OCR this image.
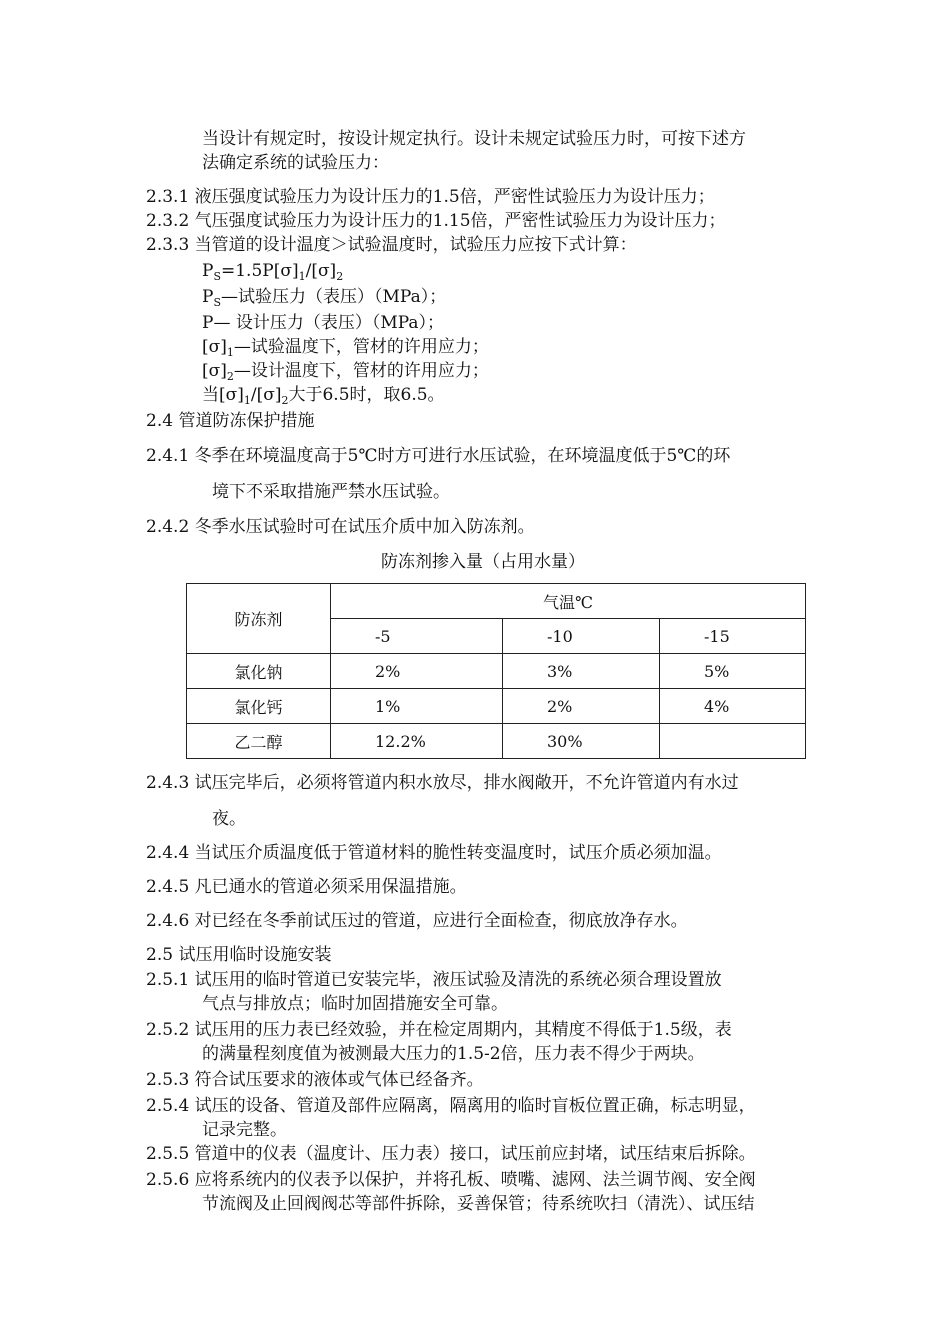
当设计有规定时，按设计规定执行。设计未规定试验压力时，可按下述方
法确定系统的试验压力：
2.3.1 液压强度试验压力为设计压力的1.5倍，严密性试验压力为设计压力；
2.3.2 气压强度试验压力为设计压力的1.15倍，严密性试验压力为设计压力；
2.3.3 当管道的设计温度＞试验温度时，试验压力应按下式计算：
$P_S=1.5P[\sigma]_1/[\sigma]_2$
$P_S—$试验压力（表压）（MPa）；
P— 设计压力（表压）（MPa）；
$[\sigma]_1—$试验温度下，管材的许用应力；
$[\sigma]_2—$设计温度下，管材的许用应力；
当$[\sigma]_1/[\sigma]_2$大于6.5时，取6.5。
2.4 管道防冻保护措施
2.4.1 冬季在环境温度高于5℃时方可进行水压试验，在环境温度低于5℃的环
境下不采取措施严禁水压试验。
2.4.2 冬季水压试验时可在试压介质中加入防冻剂。
防冻剂掺入量（占用水量）
防冻剂	气温℃		
	-5	-10	-15
氯化钠	2%	3%	5%
氯化钙	1%	2%	4%
乙二醇	12.2%	30%	
2.4.3 试压完毕后，必须将管道内积水放尽，排水阀敞开，不允许管道内有水过
夜。
2.4.4 当试压介质温度低于管道材料的脆性转变温度时，试压介质必须加温。
2.4.5 凡已通水的管道必须采用保温措施。
2.4.6 对已经在冬季前试压过的管道，应进行全面检查，彻底放净存水。
2.5 试压用临时设施安装
2.5.1 试压用的临时管道已安装完毕，液压试验及清洗的系统必须合理设置放
气点与排放点；临时加固措施安全可靠。
2.5.2 试压用的压力表已经效验，并在检定周期内，其精度不得低于1.5级，表
的满量程刻度值为被测最大压力的1.5-2倍，压力表不得少于两块。
2.5.3 符合试压要求的液体或气体已经备齐。
2.5.4 试压的设备、管道及部件应隔离，隔离用的临时盲板位置正确，标志明显，
记录完整。
2.5.5 管道中的仪表（温度计、压力表）接口，试压前应封堵，试压结束后拆除。
2.5.6 应将系统内的仪表予以保护，并将孔板、喷嘴、滤网、法兰调节阀、安全阀
节流阀及止回阀阀芯等部件拆除，妥善保管；待系统吹扫（清洗）、试压结
